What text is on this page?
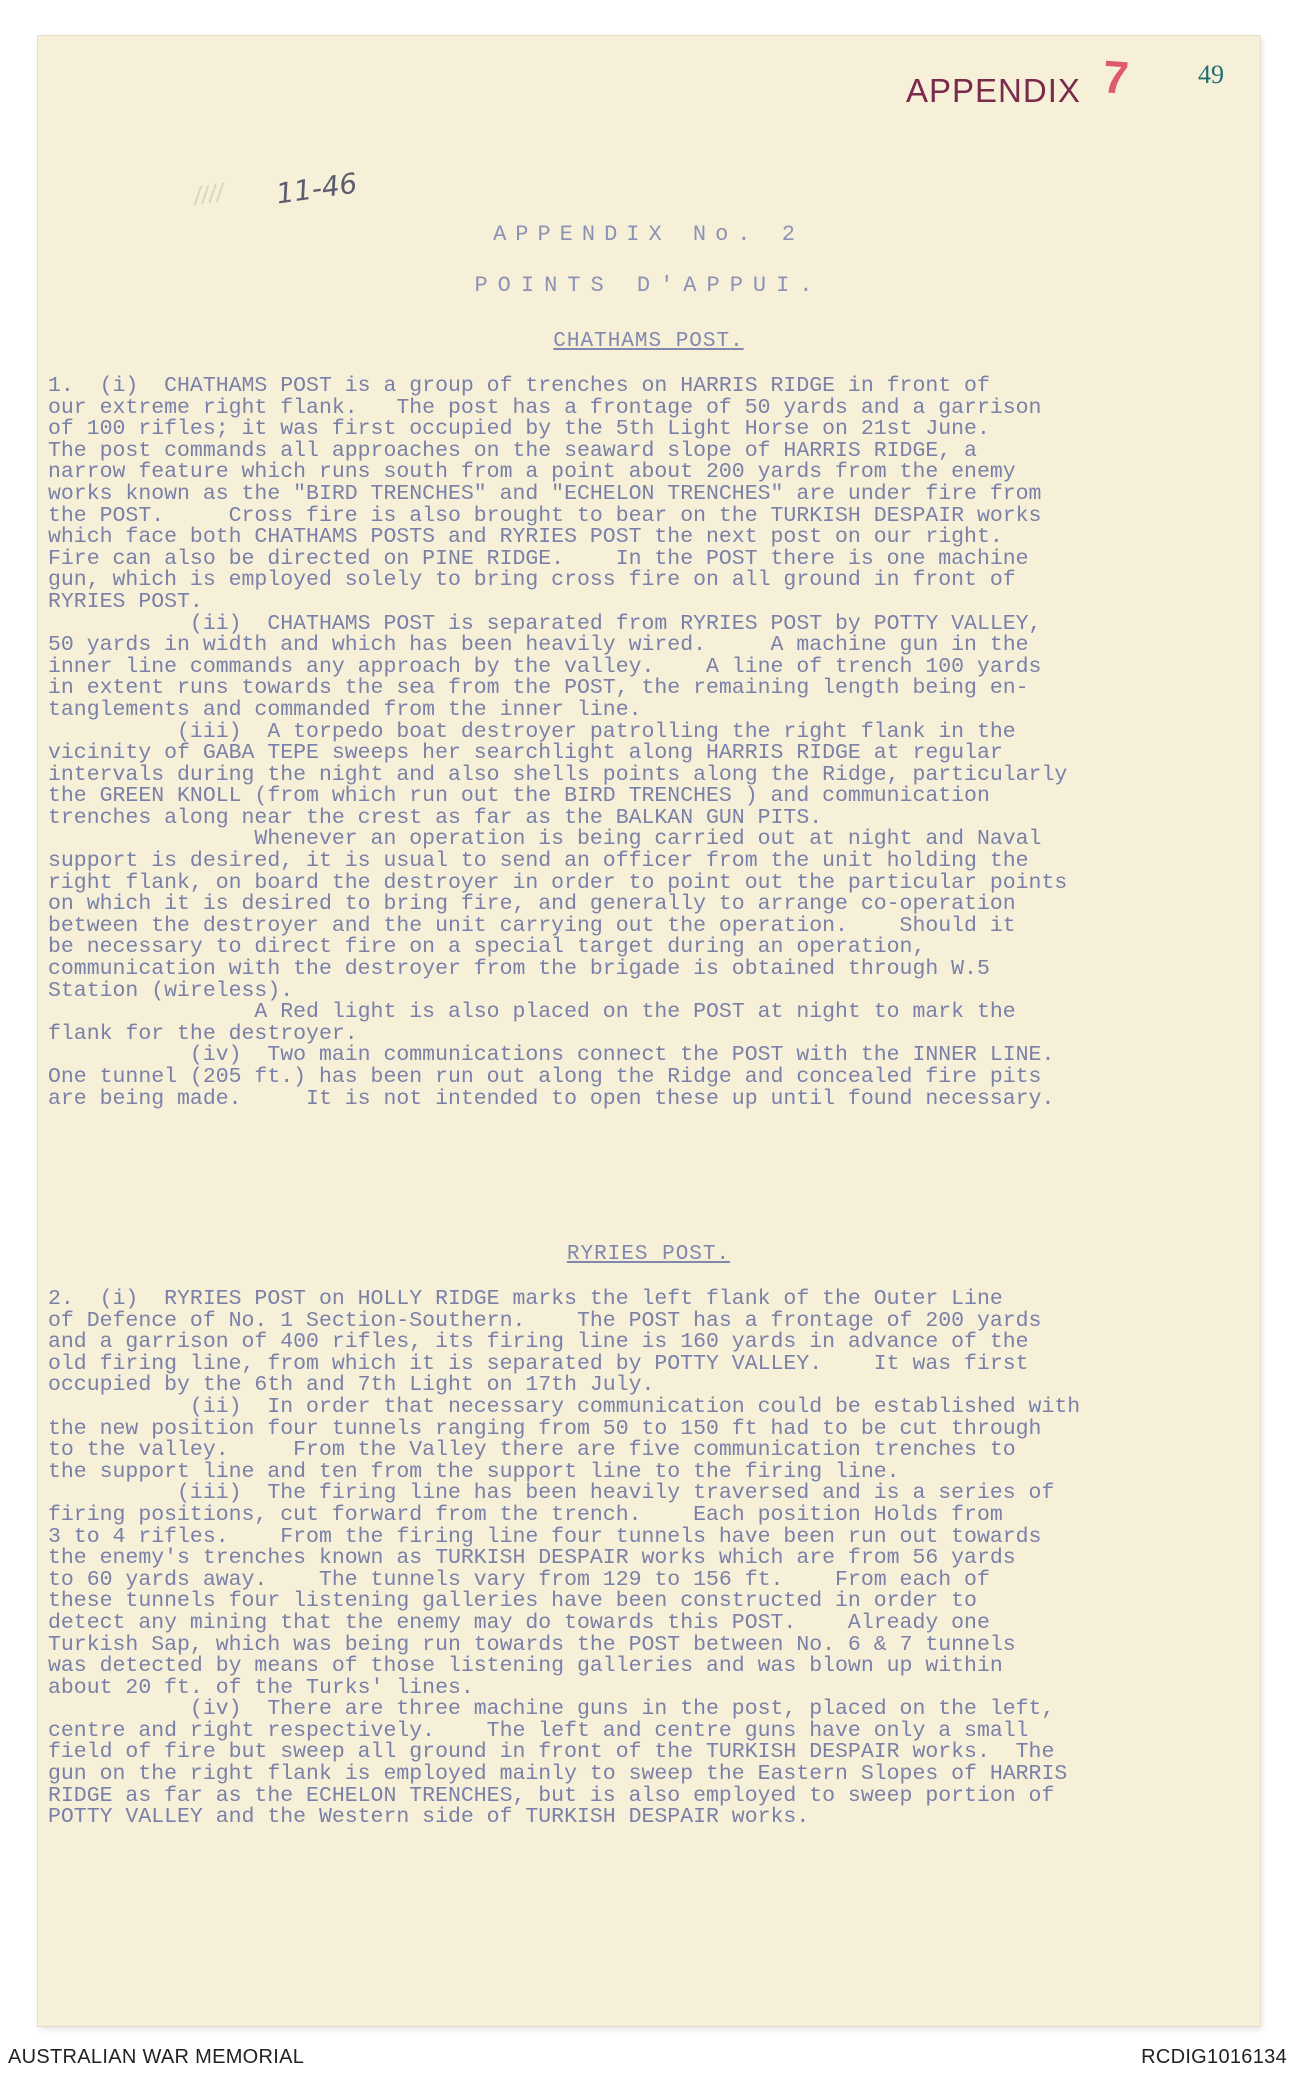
APPENDIX 7	49
//// 11-46
APPENDIX No. 2
POINTS D'APPUI.
CHATHAMS POST.
1.  (i)  CHATHAMS POST is a group of trenches on HARRIS RIDGE in front of
our extreme right flank.   The post has a frontage of 50 yards and a garrison
of 100 rifles; it was first occupied by the 5th Light Horse on 21st June.
The post commands all approaches on the seaward slope of HARRIS RIDGE, a
narrow feature which runs south from a point about 200 yards from the enemy
works known as the "BIRD TRENCHES" and "ECHELON TRENCHES" are under fire from
the POST.     Cross fire is also brought to bear on the TURKISH DESPAIR works
which face both CHATHAMS POSTS and RYRIES POST the next post on our right.
Fire can also be directed on PINE RIDGE.    In the POST there is one machine
gun, which is employed solely to bring cross fire on all ground in front of
RYRIES POST.
(ii)  CHATHAMS POST is separated from RYRIES POST by POTTY VALLEY,
50 yards in width and which has been heavily wired.     A machine gun in the
inner line commands any approach by the valley.    A line of trench 100 yards
in extent runs towards the sea from the POST, the remaining length being en-
tanglements and commanded from the inner line.
(iii)  A torpedo boat destroyer patrolling the right flank in the
vicinity of GABA TEPE sweeps her searchlight along HARRIS RIDGE at regular
intervals during the night and also shells points along the Ridge, particularly
the GREEN KNOLL (from which run out the BIRD TRENCHES ) and communication
trenches along near the crest as far as the BALKAN GUN PITS.
Whenever an operation is being carried out at night and Naval
support is desired, it is usual to send an officer from the unit holding the
right flank, on board the destroyer in order to point out the particular points
on which it is desired to bring fire, and generally to arrange co-operation
between the destroyer and the unit carrying out the operation.    Should it
be necessary to direct fire on a special target during an operation,
communication with the destroyer from the brigade is obtained through W.5
Station (wireless).
A Red light is also placed on the POST at night to mark the
flank for the destroyer.
(iv)  Two main communications connect the POST with the INNER LINE.
One tunnel (205 ft.) has been run out along the Ridge and concealed fire pits
are being made.     It is not intended to open these up until found necessary.
RYRIES POST.
2.  (i)  RYRIES POST on HOLLY RIDGE marks the left flank of the Outer Line
of Defence of No. 1 Section-Southern.    The POST has a frontage of 200 yards
and a garrison of 400 rifles, its firing line is 160 yards in advance of the
old firing line, from which it is separated by POTTY VALLEY.    It was first
occupied by the 6th and 7th Light on 17th July.
(ii)  In order that necessary communication could be established with
the new position four tunnels ranging from 50 to 150 ft had to be cut through
to the valley.     From the Valley there are five communication trenches to
the support line and ten from the support line to the firing line.
(iii)  The firing line has been heavily traversed and is a series of
firing positions, cut forward from the trench.    Each position Holds from
3 to 4 rifles.    From the firing line four tunnels have been run out towards
the enemy's trenches known as TURKISH DESPAIR works which are from 56 yards
to 60 yards away.    The tunnels vary from 129 to 156 ft.    From each of
these tunnels four listening galleries have been constructed in order to
detect any mining that the enemy may do towards this POST.    Already one
Turkish Sap, which was being run towards the POST between No. 6 & 7 tunnels
was detected by means of those listening galleries and was blown up within
about 20 ft. of the Turks' lines.
(iv)  There are three machine guns in the post, placed on the left,
centre and right respectively.    The left and centre guns have only a small
field of fire but sweep all ground in front of the TURKISH DESPAIR works.  The
gun on the right flank is employed mainly to sweep the Eastern Slopes of HARRIS
RIDGE as far as the ECHELON TRENCHES, but is also employed to sweep portion of
POTTY VALLEY and the Western side of TURKISH DESPAIR works.
AUSTRALIAN WAR MEMORIAL	RCDIG1016134
